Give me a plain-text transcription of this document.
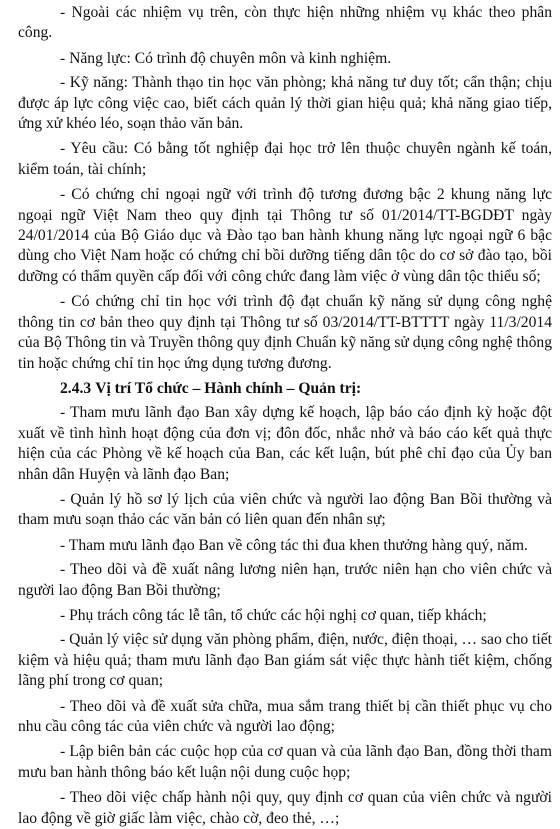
- Ngoài các nhiệm vụ trên, còn thực hiện những nhiệm vụ khác theo phân công.

- Năng lực: Có trình độ chuyên môn và kinh nghiệm.

- Kỹ năng: Thành thạo tin học văn phòng; khả năng tư duy tốt; cẩn thận; chịu được áp lực công việc cao, biết cách quản lý thời gian hiệu quả; khả năng giao tiếp, ứng xử khéo léo, soạn thảo văn bản.

- Yêu cầu: Có bằng tốt nghiệp đại học trở lên thuộc chuyên ngành kế toán, kiểm toán, tài chính;

- Có chứng chỉ ngoại ngữ với trình độ tương đương bậc 2 khung năng lực ngoại ngữ Việt Nam theo quy định tại Thông tư số 01/2014/TT-BGDĐT ngày 24/01/2014 của Bộ Giáo dục và Đào tạo ban hành khung năng lực ngoại ngữ 6 bậc dùng cho Việt Nam hoặc có chứng chỉ bồi dưỡng tiếng dân tộc do cơ sở đào tạo, bồi dưỡng có thẩm quyền cấp đối với công chức đang làm việc ở vùng dân tộc thiểu số;

- Có chứng chỉ tin học với trình độ đạt chuẩn kỹ năng sử dụng công nghệ thông tin cơ bản theo quy định tại Thông tư số 03/2014/TT-BTTTT ngày 11/3/2014 của Bộ Thông tin và Truyền thông quy định Chuẩn kỹ năng sử dụng công nghệ thông tin hoặc chứng chỉ tin học ứng dụng tương đương.

2.4.3 Vị trí Tổ chức – Hành chính – Quản trị:

- Tham mưu lãnh đạo Ban xây dựng kế hoạch, lập báo cáo định kỳ hoặc đột xuất về tình hình hoạt động của đơn vị; đôn đốc, nhắc nhở và báo cáo kết quả thực hiện của các Phòng về kế hoạch của Ban, các kết luận, bút phê chỉ đạo của Ủy ban nhân dân Huyện và lãnh đạo Ban;

- Quản lý hồ sơ lý lịch của viên chức và người lao động Ban Bồi thường và tham mưu soạn thảo các văn bản có liên quan đến nhân sự;

- Tham mưu lãnh đạo Ban về công tác thi đua khen thưởng hàng quý, năm.

- Theo dõi và đề xuất nâng lương niên hạn, trước niên hạn cho viên chức và người lao động Ban Bồi thường;

- Phụ trách công tác lễ tân, tổ chức các hội nghị cơ quan, tiếp khách;

- Quản lý việc sử dụng văn phòng phẩm, điện, nước, điện thoại, … sao cho tiết kiệm và hiệu quả; tham mưu lãnh đạo Ban giám sát việc thực hành tiết kiệm, chống lãng phí trong cơ quan;

- Theo dõi và đề xuất sửa chữa, mua sắm trang thiết bị cần thiết phục vụ cho nhu cầu công tác của viên chức và người lao động;

- Lập biên bản các cuộc họp của cơ quan và của lãnh đạo Ban, đồng thời tham mưu ban hành thông báo kết luận nội dung cuộc họp;

- Theo dõi việc chấp hành nội quy, quy định cơ quan của viên chức và người lao động về giờ giấc làm việc, chào cờ, đeo thẻ, …;
